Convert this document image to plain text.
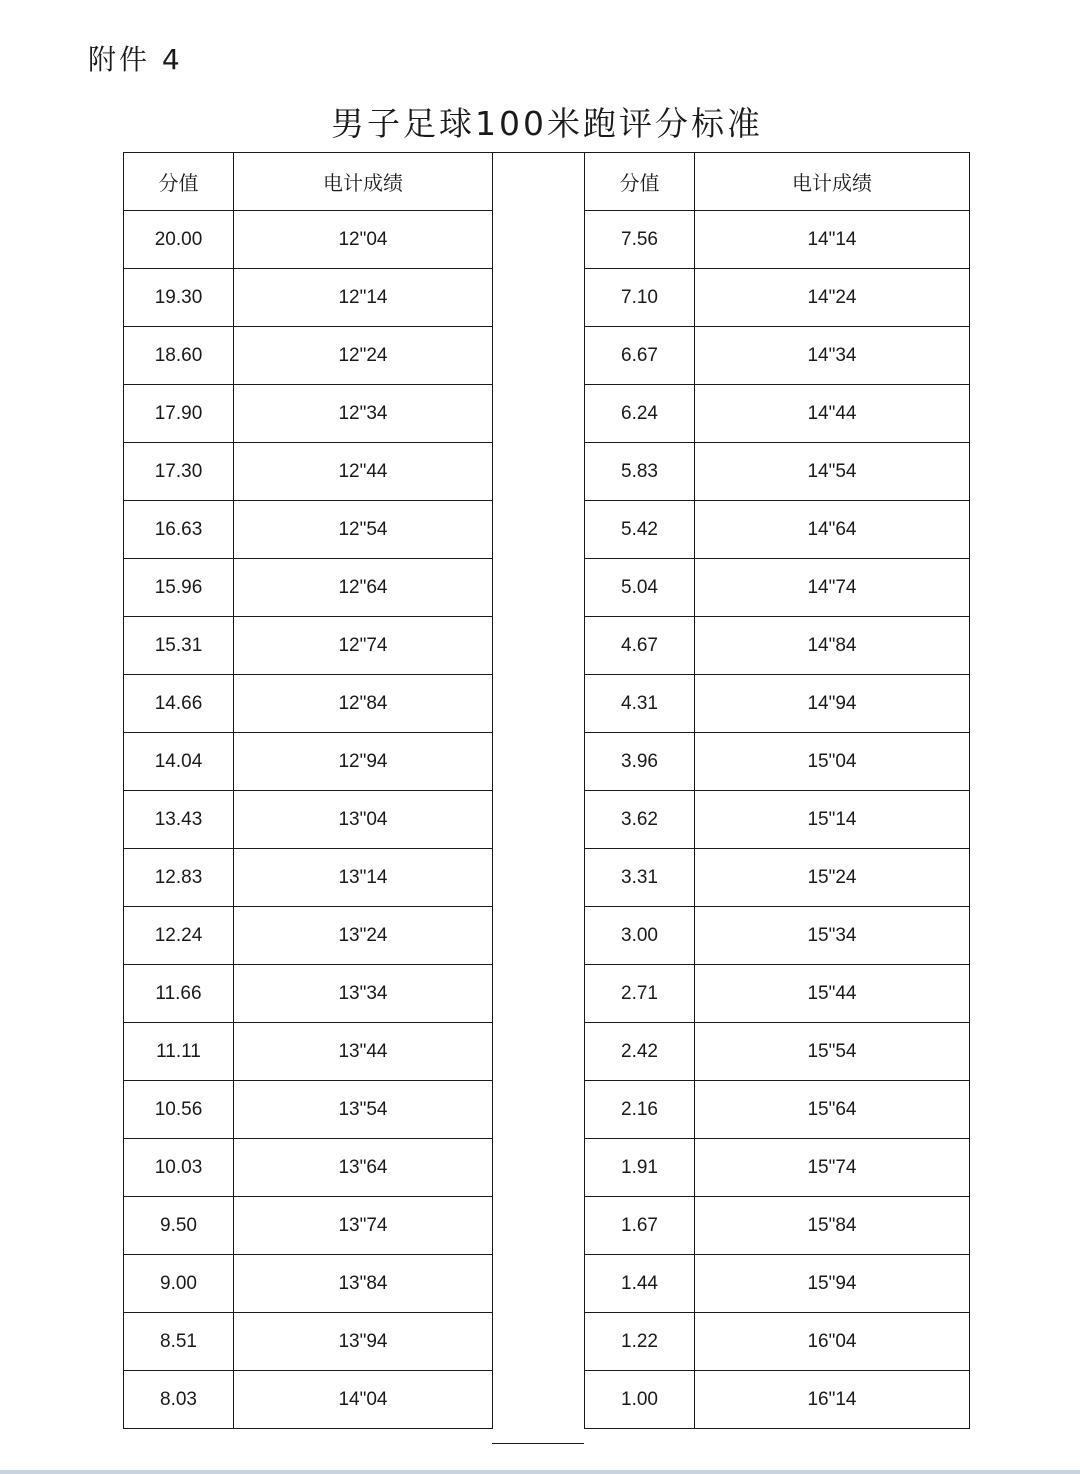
附件 4
男子足球100米跑评分标准
分值	电计成绩
20.00	12"04
19.30	12"14
18.60	12"24
17.90	12"34
17.30	12"44
16.63	12"54
15.96	12"64
15.31	12"74
14.66	12"84
14.04	12"94
13.43	13"04
12.83	13"14
12.24	13"24
11.66	13"34
11.11	13"44
10.56	13"54
10.03	13"64
9.50	13"74
9.00	13"84
8.51	13"94
8.03	14"04
分值	电计成绩
7.56	14"14
7.10	14"24
6.67	14"34
6.24	14"44
5.83	14"54
5.42	14"64
5.04	14"74
4.67	14"84
4.31	14"94
3.96	15"04
3.62	15"14
3.31	15"24
3.00	15"34
2.71	15"44
2.42	15"54
2.16	15"64
1.91	15"74
1.67	15"84
1.44	15"94
1.22	16"04
1.00	16"14
